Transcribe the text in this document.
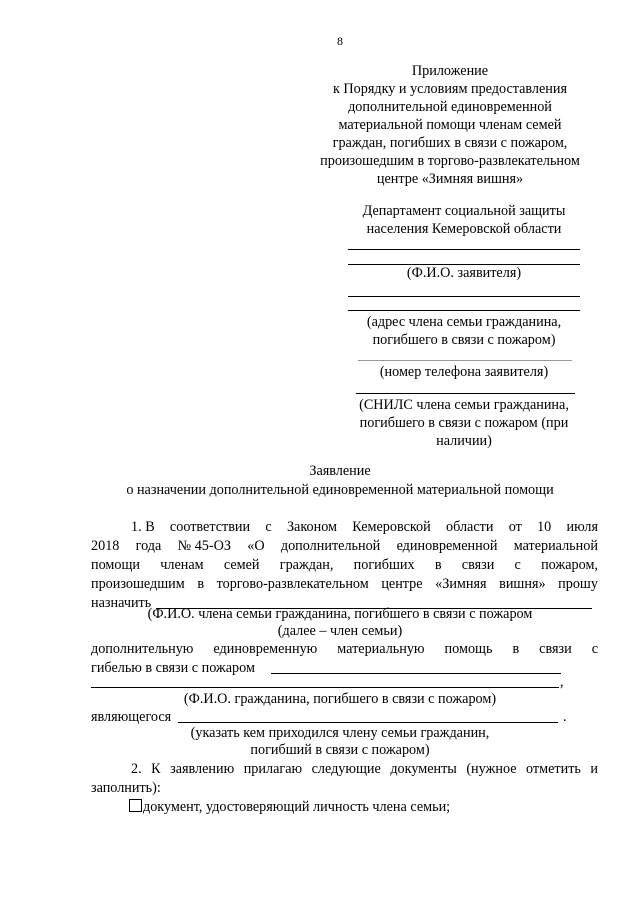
8
Приложение
к Порядку и условиям предоставления
дополнительной единовременной
материальной помощи членам семей
граждан, погибших в связи с пожаром,
произошедшим в торгово-развлекательном
центре «Зимняя вишня»
Департамент социальной защиты
населения Кемеровской области
(Ф.И.О. заявителя)
(адрес члена семьи гражданина,
погибшего в связи с пожаром)
(номер телефона заявителя)
(СНИЛС члена семьи гражданина,
погибшего в связи с пожаром (при
наличии)
Заявление
о назначении дополнительной единовременной материальной помощи
1. В соответствии с Законом Кемеровской области от 10 июля
2018 года № 45-ОЗ «О дополнительной единовременной материальной
помощи членам семей граждан, погибших в связи с пожаром,
произошедшим в торгово-развлекательном центре «Зимняя вишня» прошу
назначить
(Ф.И.О. члена семьи гражданина, погибшего в связи с пожаром
(далее – член семьи)
дополнительную единовременную материальную помощь в связи с
гибелью в связи с пожаром
,
(Ф.И.О. гражданина, погибшего в связи с пожаром)
являющегося	.
(указать кем приходился члену семьи гражданин,
погибший в связи с пожаром)
2. К заявлению прилагаю следующие документы (нужное отметить и
заполнить):
документ, удостоверяющий личность члена семьи;
